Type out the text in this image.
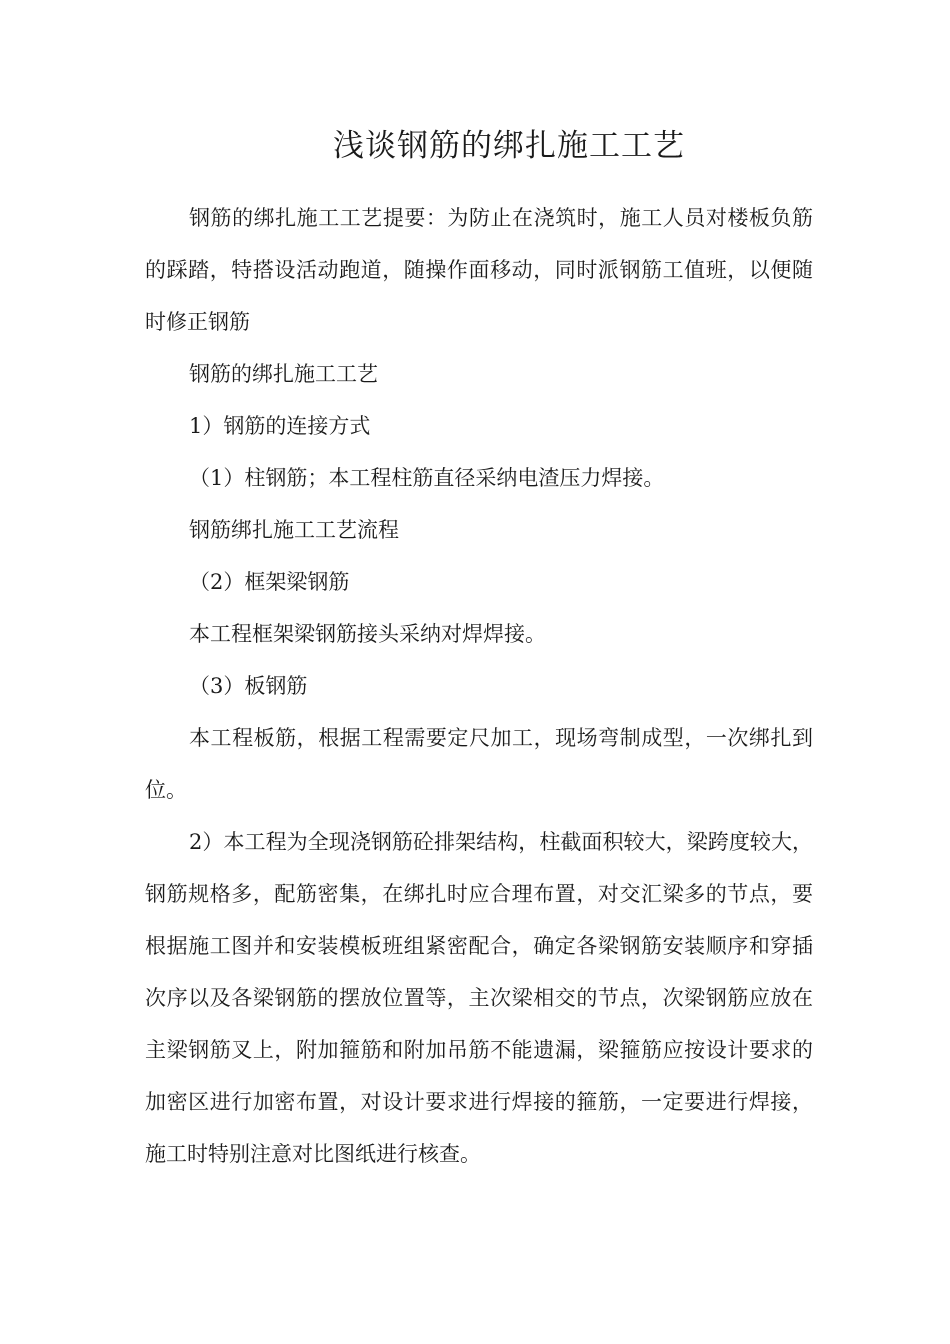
浅谈钢筋的绑扎施工工艺

钢筋的绑扎施工工艺提要：为防止在浇筑时，施工人员对楼板负筋的踩踏，特搭设活动跑道，随操作面移动，同时派钢筋工值班，以便随时修正钢筋

钢筋的绑扎施工工艺

1）钢筋的连接方式

（1）柱钢筋；本工程柱筋直径采纳电渣压力焊接。

钢筋绑扎施工工艺流程

（2）框架梁钢筋

本工程框架梁钢筋接头采纳对焊焊接。

（3）板钢筋

本工程板筋，根据工程需要定尺加工，现场弯制成型，一次绑扎到位。

2）本工程为全现浇钢筋砼排架结构，柱截面积较大，梁跨度较大，钢筋规格多，配筋密集，在绑扎时应合理布置，对交汇梁多的节点，要根据施工图并和安装模板班组紧密配合，确定各梁钢筋安装顺序和穿插次序以及各梁钢筋的摆放位置等，主次梁相交的节点，次梁钢筋应放在主梁钢筋叉上，附加箍筋和附加吊筋不能遗漏，梁箍筋应按设计要求的加密区进行加密布置，对设计要求进行焊接的箍筋，一定要进行焊接，施工时特别注意对比图纸进行核查。
